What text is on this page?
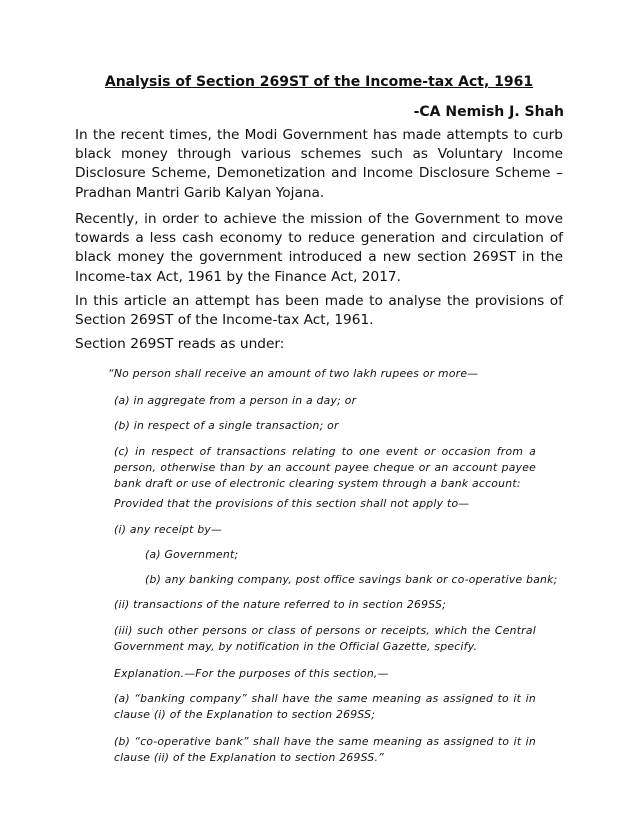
Analysis of Section 269ST of the Income-tax Act, 1961
-CA Nemish J. Shah

In the recent times, the Modi Government has made attempts to curb black money through various schemes such as Voluntary Income Disclosure Scheme, Demonetization and Income Disclosure Scheme – Pradhan Mantri Garib Kalyan Yojana.

Recently, in order to achieve the mission of the Government to move towards a less cash economy to reduce generation and circulation of black money the government introduced a new section 269ST in the Income-tax Act, 1961 by the Finance Act, 2017.

In this article an attempt has been made to analyse the provisions of Section 269ST of the Income-tax Act, 1961.

Section 269ST reads as under:

“No person shall receive an amount of two lakh rupees or more—

(a) in aggregate from a person in a day; or

(b) in respect of a single transaction; or

(c) in respect of transactions relating to one event or occasion from a person, otherwise than by an account payee cheque or an account payee bank draft or use of electronic clearing system through a bank account:

Provided that the provisions of this section shall not apply to—

(i) any receipt by—

(a) Government;

(b) any banking company, post office savings bank or co-operative bank;

(ii) transactions of the nature referred to in section 269SS;

(iii) such other persons or class of persons or receipts, which the Central Government may, by notification in the Official Gazette, specify.

Explanation.—For the purposes of this section,—

(a) “banking company” shall have the same meaning as assigned to it in clause (i) of the Explanation to section 269SS;

(b) “co-operative bank” shall have the same meaning as assigned to it in clause (ii) of the Explanation to section 269SS.”
